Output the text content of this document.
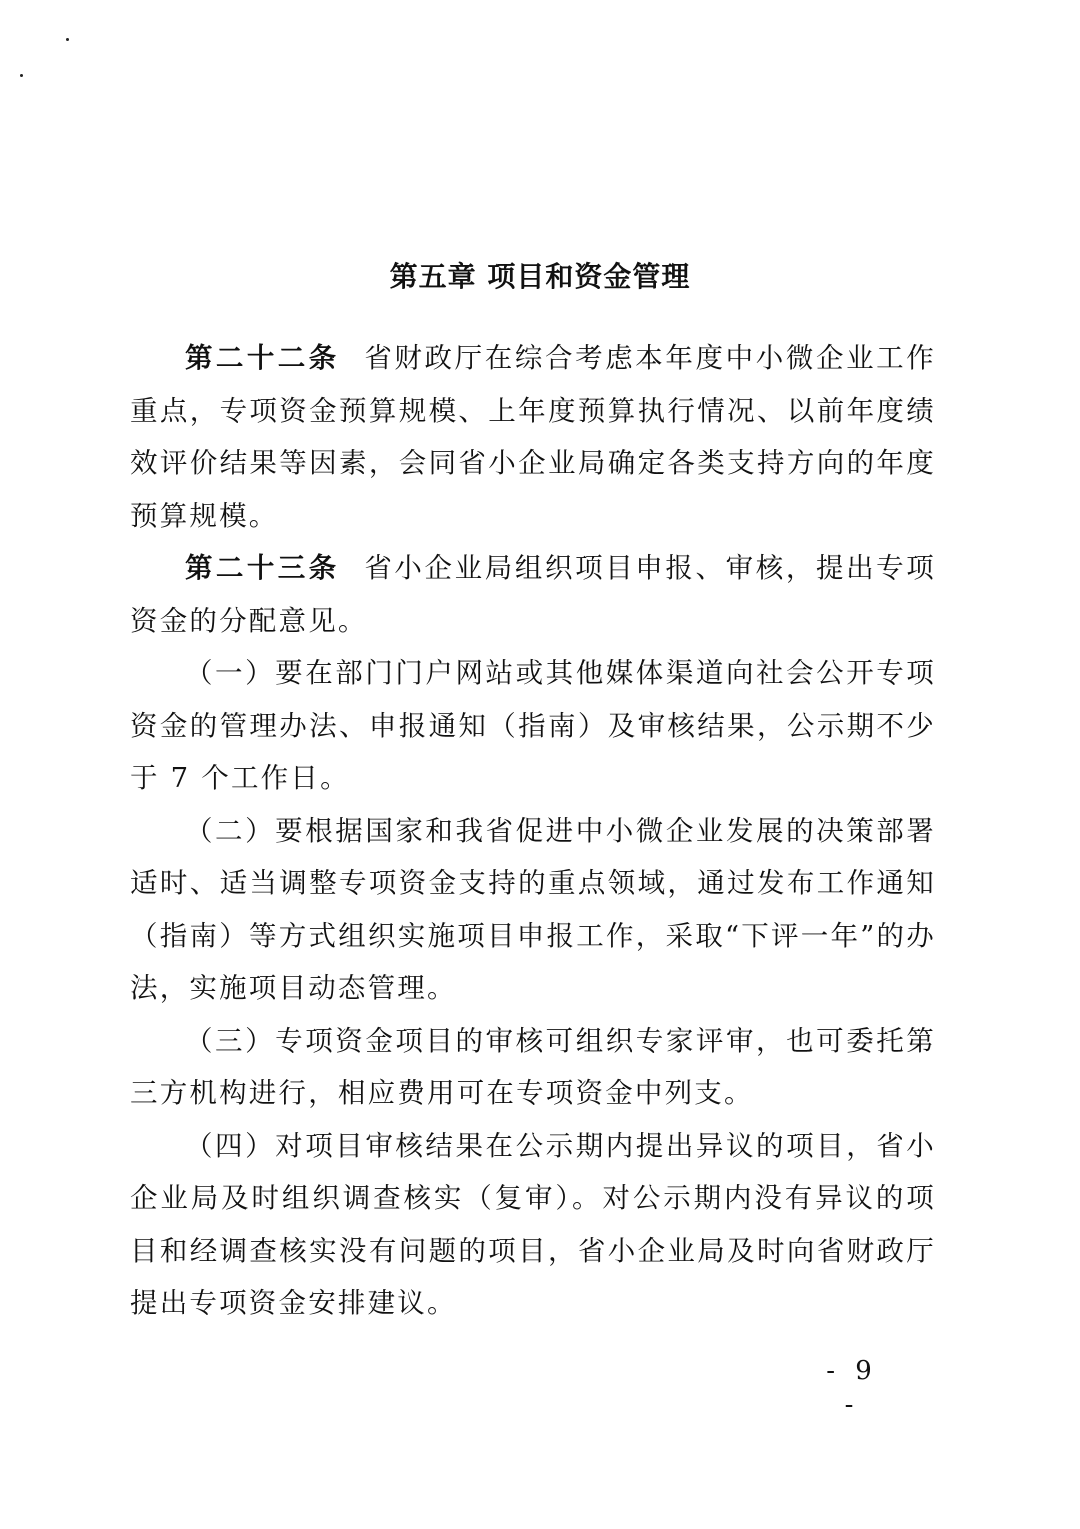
第五章 项目和资金管理

第二十二条 省财政厅在综合考虑本年度中小微企业工作重点，专项资金预算规模、上年度预算执行情况、以前年度绩效评价结果等因素，会同省小企业局确定各类支持方向的年度预算规模。

第二十三条 省小企业局组织项目申报、审核，提出专项资金的分配意见。

（一）要在部门门户网站或其他媒体渠道向社会公开专项资金的管理办法、申报通知（指南）及审核结果，公示期不少于 7 个工作日。

（二）要根据国家和我省促进中小微企业发展的决策部署适时、适当调整专项资金支持的重点领域，通过发布工作通知（指南）等方式组织实施项目申报工作，采取“下评一年”的办法，实施项目动态管理。

（三）专项资金项目的审核可组织专家评审，也可委托第三方机构进行，相应费用可在专项资金中列支。

（四）对项目审核结果在公示期内提出异议的项目，省小企业局及时组织调查核实（复审）。对公示期内没有异议的项目和经调查核实没有问题的项目，省小企业局及时向省财政厅提出专项资金安排建议。

- 9 -
